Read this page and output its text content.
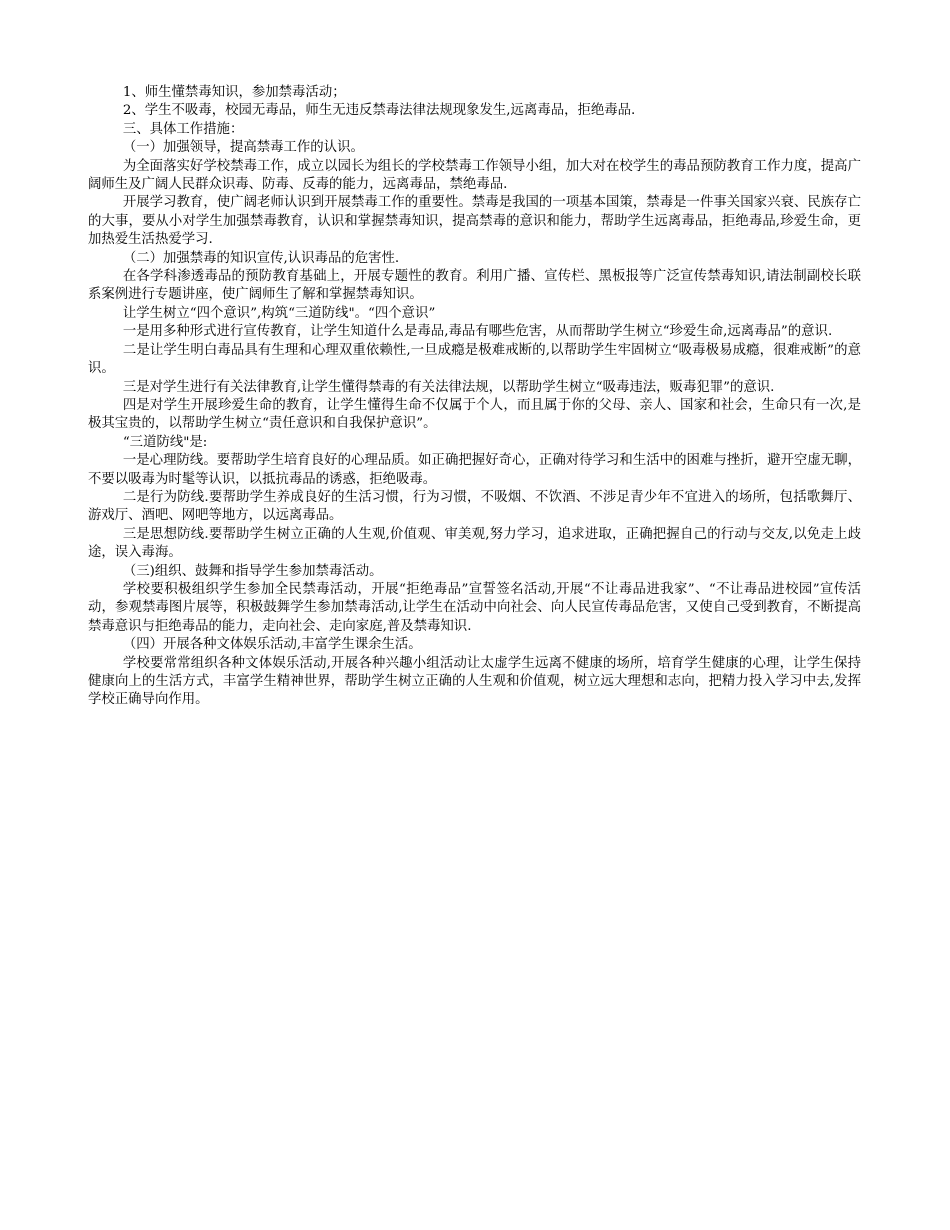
1、师生懂禁毒知识，参加禁毒活动；

2、学生不吸毒，校园无毒品，师生无违反禁毒法律法规现象发生,远离毒品，拒绝毒品.

三、具体工作措施：

（一）加强领导，提高禁毒工作的认识。

为全面落实好学校禁毒工作，成立以园长为组长的学校禁毒工作领导小组，加大对在校学生的毒品预防教育工作力度，提高广阔师生及广阔人民群众识毒、防毒、反毒的能力，远离毒品，禁绝毒品.

开展学习教育，使广阔老师认识到开展禁毒工作的重要性。禁毒是我国的一项基本国策，禁毒是一件事关国家兴衰、民族存亡的大事，要从小对学生加强禁毒教育，认识和掌握禁毒知识，提高禁毒的意识和能力，帮助学生远离毒品，拒绝毒品,珍爱生命，更加热爱生活热爱学习.

（二）加强禁毒的知识宣传,认识毒品的危害性.

在各学科渗透毒品的预防教育基础上，开展专题性的教育。利用广播、宣传栏、黑板报等广泛宣传禁毒知识,请法制副校长联系案例进行专题讲座，使广阔师生了解和掌握禁毒知识。

让学生树立“四个意识”,构筑“三道防线"。“四个意识”

一是用多种形式进行宣传教育，让学生知道什么是毒品,毒品有哪些危害，从而帮助学生树立“珍爱生命,远离毒品”的意识.

二是让学生明白毒品具有生理和心理双重依赖性,一旦成瘾是极难戒断的,以帮助学生牢固树立“吸毒极易成瘾，很难戒断”的意识。

三是对学生进行有关法律教育,让学生懂得禁毒的有关法律法规，以帮助学生树立“吸毒违法，贩毒犯罪”的意识.

四是对学生开展珍爱生命的教育，让学生懂得生命不仅属于个人，而且属于你的父母、亲人、国家和社会，生命只有一次,是极其宝贵的，以帮助学生树立“责任意识和自我保护意识”。

“三道防线"是:

一是心理防线。要帮助学生培育良好的心理品质。如正确把握好奇心，正确对待学习和生活中的困难与挫折，避开空虚无聊，不要以吸毒为时髦等认识，以抵抗毒品的诱惑，拒绝吸毒。

二是行为防线.要帮助学生养成良好的生活习惯，行为习惯，不吸烟、不饮酒、不涉足青少年不宜进入的场所，包括歌舞厅、游戏厅、酒吧、网吧等地方，以远离毒品。

三是思想防线.要帮助学生树立正确的人生观,价值观、审美观,努力学习，追求进取，正确把握自己的行动与交友,以免走上歧途，误入毒海。

（三)组织、鼓舞和指导学生参加禁毒活动。

学校要积极组织学生参加全民禁毒活动，开展“拒绝毒品”宣誓签名活动,开展“不让毒品进我家”、“不让毒品进校园”宣传活动，参观禁毒图片展等，积极鼓舞学生参加禁毒活动,让学生在活动中向社会、向人民宣传毒品危害，又使自己受到教育，不断提高禁毒意识与拒绝毒品的能力，走向社会、走向家庭,普及禁毒知识.

（四）开展各种文体娱乐活动,丰富学生课余生活。

学校要常常组织各种文体娱乐活动,开展各种兴趣小组活动让太虚学生远离不健康的场所，培育学生健康的心理，让学生保持健康向上的生活方式，丰富学生精神世界，帮助学生树立正确的人生观和价值观，树立远大理想和志向，把精力投入学习中去,发挥学校正确导向作用。
